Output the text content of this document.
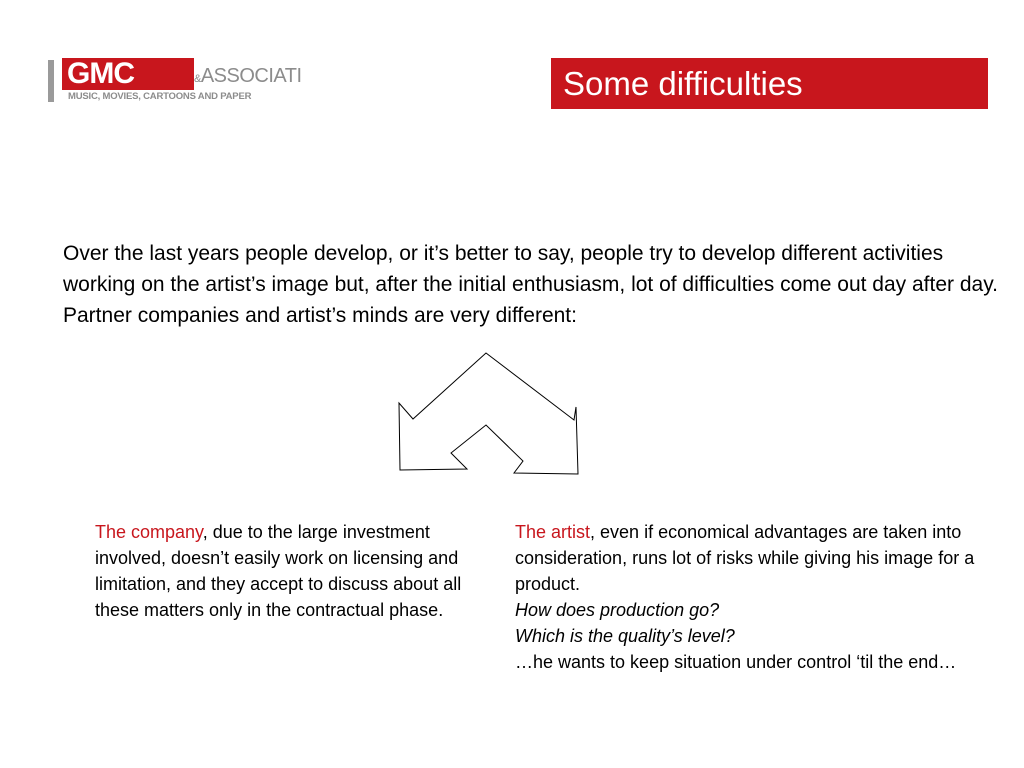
GMC	&ASSOCIATI
MUSIC, MOVIES, CARTOONS AND PAPER	Some difficulties

Over the last years people develop, or it’s better to say, people try to develop different activities working on the artist’s image but, after the initial enthusiasm, lot of difficulties come out day after day.

Partner companies and artist’s minds are very different:

The company, due to the large investment involved, doesn’t easily work on licensing and limitation, and they accept to discuss about all these matters only in the contractual phase.

The artist, even if economical advantages are taken into consideration, runs lot of risks while giving his image for a product.

How does production go?

Which is the quality’s level?

…he wants to keep situation under control ‘til the end…
